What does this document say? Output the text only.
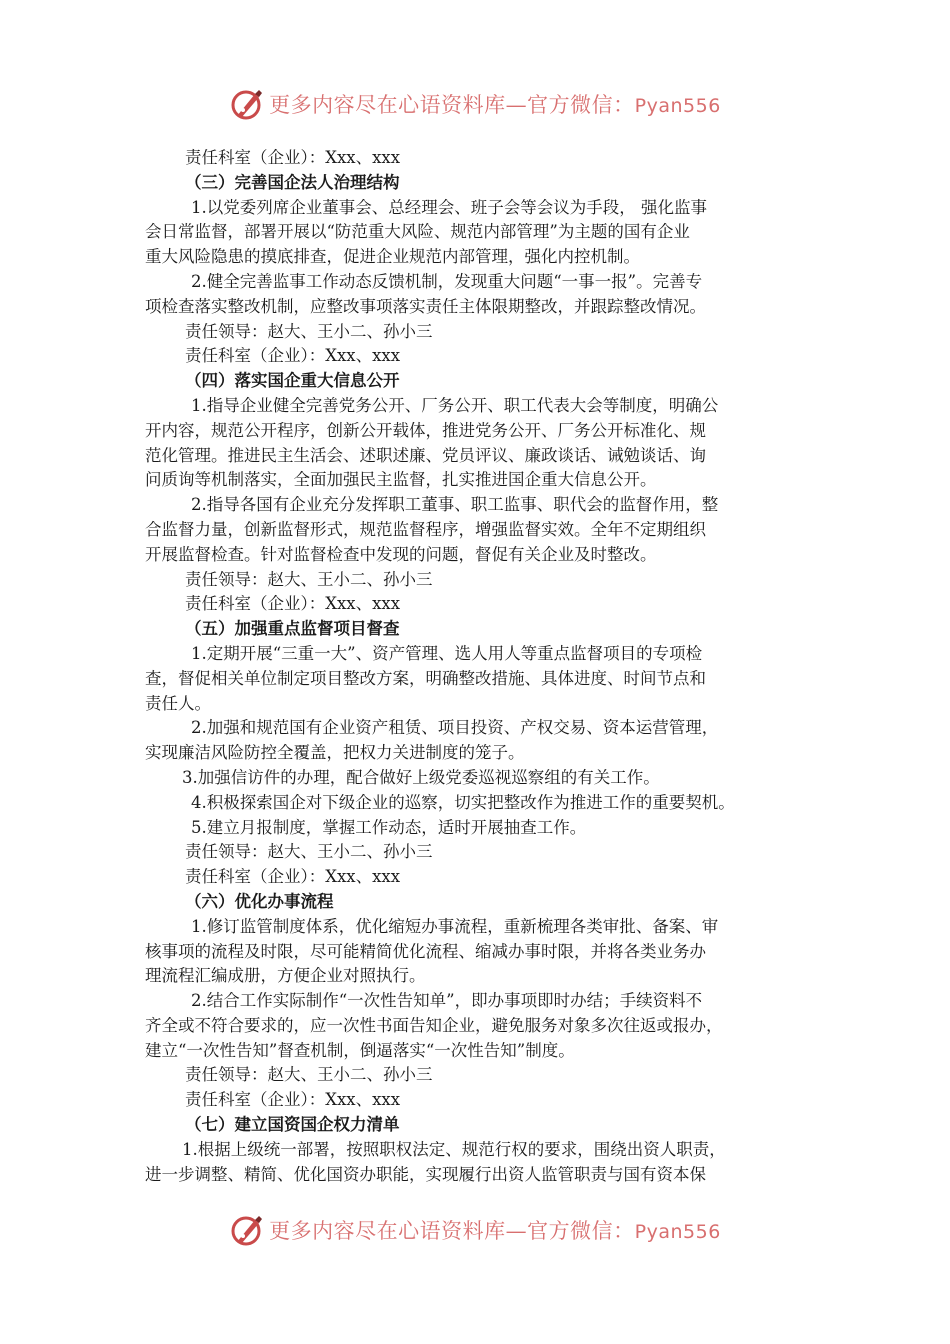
更多内容尽在心语资料库—官方微信：Pyan556
责任科室（企业）：Xxx、xxx
（三）完善国企法人治理结构
1.以党委列席企业董事会、总经理会、班子会等会议为手段， 强化监事
会日常监督，部署开展以“防范重大风险、规范内部管理”为主题的国有企业
重大风险隐患的摸底排查，促进企业规范内部管理，强化内控机制。
2.健全完善监事工作动态反馈机制，发现重大问题“一事一报”。完善专
项检查落实整改机制，应整改事项落实责任主体限期整改，并跟踪整改情况。
责任领导：赵大、王小二、孙小三
责任科室（企业）：Xxx、xxx
（四）落实国企重大信息公开
1.指导企业健全完善党务公开、厂务公开、职工代表大会等制度，明确公
开内容，规范公开程序，创新公开载体，推进党务公开、厂务公开标准化、规
范化管理。推进民主生活会、述职述廉、党员评议、廉政谈话、诫勉谈话、询
问质询等机制落实，全面加强民主监督，扎实推进国企重大信息公开。
2.指导各国有企业充分发挥职工董事、职工监事、职代会的监督作用，整
合监督力量，创新监督形式，规范监督程序，增强监督实效。全年不定期组织
开展监督检查。针对监督检查中发现的问题，督促有关企业及时整改。
责任领导：赵大、王小二、孙小三
责任科室（企业）：Xxx、xxx
（五）加强重点监督项目督查
1.定期开展“三重一大”、资产管理、选人用人等重点监督项目的专项检
查，督促相关单位制定项目整改方案，明确整改措施、具体进度、时间节点和
责任人。
2.加强和规范国有企业资产租赁、项目投资、产权交易、资本运营管理，
实现廉洁风险防控全覆盖，把权力关进制度的笼子。
3.加强信访件的办理，配合做好上级党委巡视巡察组的有关工作。
4.积极探索国企对下级企业的巡察，切实把整改作为推进工作的重要契机。
5.建立月报制度，掌握工作动态，适时开展抽查工作。
责任领导：赵大、王小二、孙小三
责任科室（企业）：Xxx、xxx
（六）优化办事流程
1.修订监管制度体系，优化缩短办事流程，重新梳理各类审批、备案、审
核事项的流程及时限，尽可能精简优化流程、缩减办事时限，并将各类业务办
理流程汇编成册，方便企业对照执行。
2.结合工作实际制作“一次性告知单”，即办事项即时办结；手续资料不
齐全或不符合要求的，应一次性书面告知企业，避免服务对象多次往返或报办，
建立“一次性告知”督查机制，倒逼落实“一次性告知”制度。
责任领导：赵大、王小二、孙小三
责任科室（企业）：Xxx、xxx
（七）建立国资国企权力清单
1.根据上级统一部署，按照职权法定、规范行权的要求，围绕出资人职责，
进一步调整、精简、优化国资办职能，实现履行出资人监管职责与国有资本保
更多内容尽在心语资料库—官方微信：Pyan556
